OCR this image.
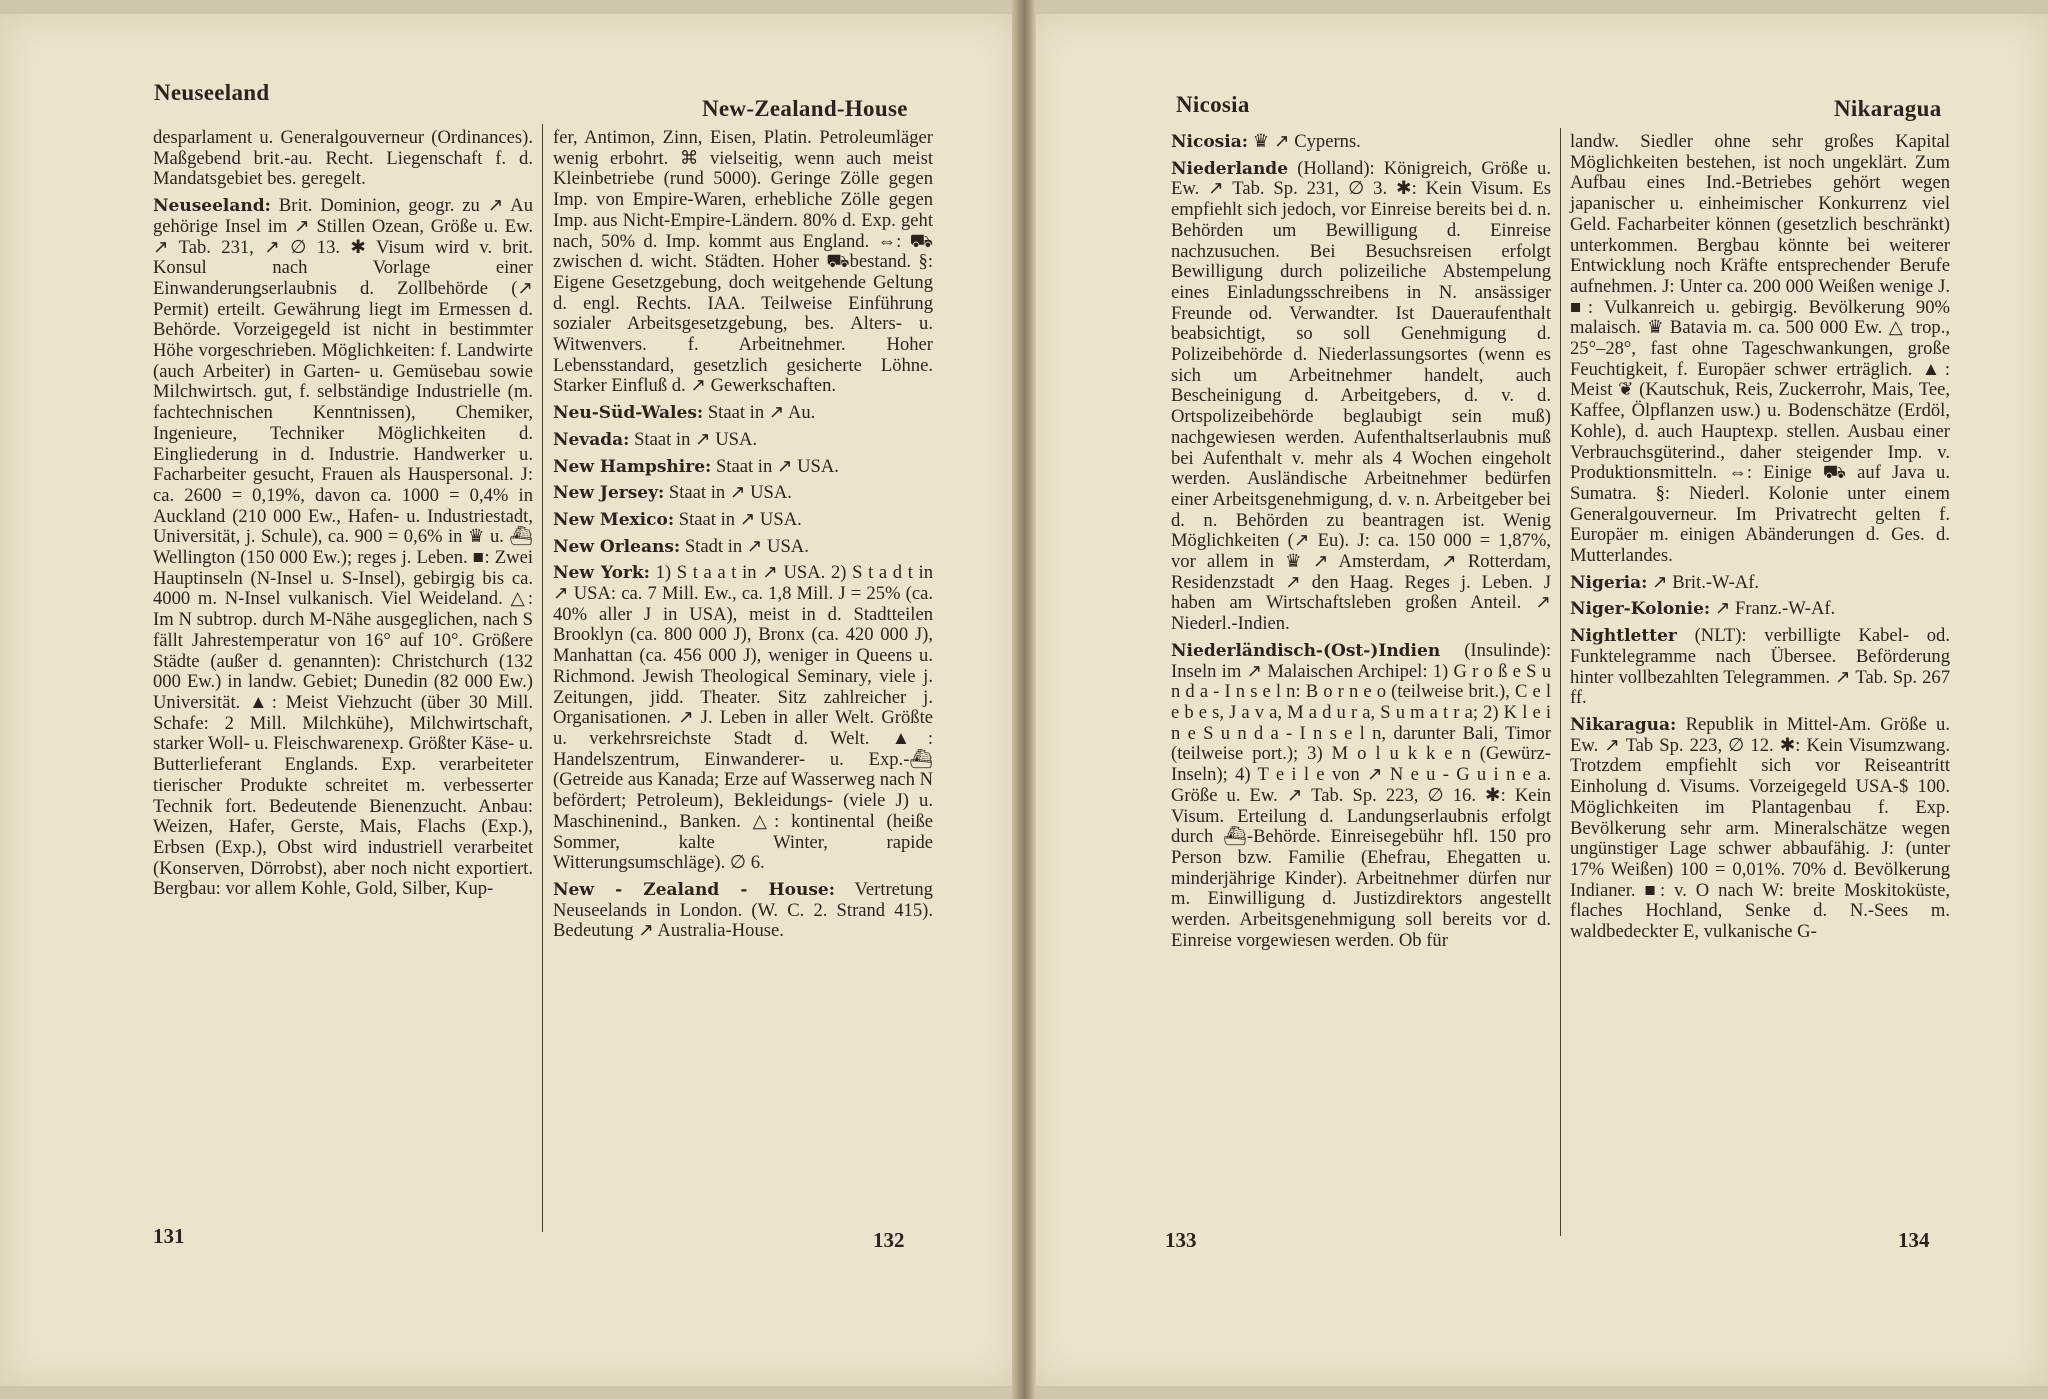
Neuseeland
New-Zealand-House

desparlament u. Generalgouverneur (Ordinances). Maßgebend brit.-au. Recht. Liegenschaft f. d. Mandatsgebiet bes. geregelt.

Neuseeland: Brit. Dominion, geogr. zu ↗ Au gehörige Insel im ↗ Stillen Ozean, Größe u. Ew. ↗ Tab. 231, ↗ ∅ 13. ✱ Visum wird v. brit. Konsul nach Vorlage einer Einwanderungserlaubnis d. Zollbehörde (↗ Permit) erteilt. Gewährung liegt im Ermessen d. Behörde. Vorzeigegeld ist nicht in bestimmter Höhe vorgeschrieben. Möglichkeiten: f. Landwirte (auch Arbeiter) in Garten- u. Gemüsebau sowie Milchwirtsch. gut, f. selbständige Industrielle (m. fachtechnischen Kenntnissen), Chemiker, Ingenieure, Techniker Möglichkeiten d. Eingliederung in d. Industrie. Handwerker u. Facharbeiter gesucht, Frauen als Hauspersonal. J: ca. 2600 = 0,19%, davon ca. 1000 = 0,4% in Auckland (210 000 Ew., Hafen- u. Industriestadt, Universität, j. Schule), ca. 900 = 0,6% in ♛ u. ⛴ Wellington (150 000 Ew.); reges j. Leben. ■: Zwei Hauptinseln (N-Insel u. S-Insel), gebirgig bis ca. 4000 m. N-Insel vulkanisch. Viel Weideland. △: Im N subtrop. durch M-Nähe ausgeglichen, nach S fällt Jahrestemperatur von 16° auf 10°. Größere Städte (außer d. genannten): Christchurch (132 000 Ew.) in landw. Gebiet; Dunedin (82 000 Ew.) Universität. ▲: Meist Viehzucht (über 30 Mill. Schafe: 2 Mill. Milchkühe), Milchwirtschaft, starker Woll- u. Fleischwarenexp. Größter Käse- u. Butterlieferant Englands. Exp. verarbeiteter tierischer Produkte schreitet m. verbesserter Technik fort. Bedeutende Bienenzucht. Anbau: Weizen, Hafer, Gerste, Mais, Flachs (Exp.), Erbsen (Exp.), Obst wird industriell verarbeitet (Konserven, Dörrobst), aber noch nicht exportiert. Bergbau: vor allem Kohle, Gold, Silber, Kup-

fer, Antimon, Zinn, Eisen, Platin. Petroleumläger wenig erbohrt. ⌘ vielseitig, wenn auch meist Kleinbetriebe (rund 5000). Geringe Zölle gegen Imp. von Empire-Waren, erhebliche Zölle gegen Imp. aus Nicht-Empire-Ländern. 80% d. Exp. geht nach, 50% d. Imp. kommt aus England. ⇔: ⛟ zwischen d. wicht. Städten. Hoher ⛟bestand. §: Eigene Gesetzgebung, doch weitgehende Geltung d. engl. Rechts. IAA. Teilweise Einführung sozialer Arbeitsgesetzgebung, bes. Alters- u. Witwenvers. f. Arbeitnehmer. Hoher Lebensstandard, gesetzlich gesicherte Löhne. Starker Einfluß d. ↗ Gewerkschaften.

Neu-Süd-Wales: Staat in ↗ Au.

Nevada: Staat in ↗ USA.

New Hampshire: Staat in ↗ USA.

New Jersey: Staat in ↗ USA.

New Mexico: Staat in ↗ USA.

New Orleans: Stadt in ↗ USA.

New York: 1) S t a a t in ↗ USA. 2) S t a d t in ↗ USA: ca. 7 Mill. Ew., ca. 1,8 Mill. J = 25% (ca. 40% aller J in USA), meist in d. Stadtteilen Brooklyn (ca. 800 000 J), Bronx (ca. 420 000 J), Manhattan (ca. 456 000 J), weniger in Queens u. Richmond. Jewish Theological Seminary, viele j. Zeitungen, jidd. Theater. Sitz zahlreicher j. Organisationen. ↗ J. Leben in aller Welt. Größte u. verkehrsreichste Stadt d. Welt. ▲: Handelszentrum, Einwanderer- u. Exp.-⛴ (Getreide aus Kanada; Erze auf Wasserweg nach N befördert; Petroleum), Bekleidungs- (viele J) u. Maschinenind., Banken. △: kontinental (heiße Sommer, kalte Winter, rapide Witterungsumschläge). ∅ 6.

New - Zealand - House: Vertretung Neuseelands in London. (W. C. 2. Strand 415). Bedeutung ↗ Australia-House.

131	132
Nicosia	Nikaragua

Nicosia: ♛ ↗ Cyperns.

Niederlande (Holland): Königreich, Größe u. Ew. ↗ Tab. Sp. 231, ∅ 3. ✱: Kein Visum. Es empfiehlt sich jedoch, vor Einreise bereits bei d. n. Behörden um Bewilligung d. Einreise nachzusuchen. Bei Besuchsreisen erfolgt Bewilligung durch polizeiliche Abstempelung eines Einladungsschreibens in N. ansässiger Freunde od. Verwandter. Ist Daueraufenthalt beabsichtigt, so soll Genehmigung d. Polizeibehörde d. Niederlassungsortes (wenn es sich um Arbeitnehmer handelt, auch Bescheinigung d. Arbeitgebers, d. v. d. Ortspolizeibehörde beglaubigt sein muß) nachgewiesen werden. Aufenthaltserlaubnis muß bei Aufenthalt v. mehr als 4 Wochen eingeholt werden. Ausländische Arbeitnehmer bedürfen einer Arbeitsgenehmigung, d. v. n. Arbeitgeber bei d. n. Behörden zu beantragen ist. Wenig Möglichkeiten (↗ Eu). J: ca. 150 000 = 1,87%, vor allem in ♛ ↗ Amsterdam, ↗ Rotterdam, Residenzstadt ↗ den Haag. Reges j. Leben. J haben am Wirtschaftsleben großen Anteil. ↗ Niederl.-Indien.

Niederländisch-(Ost-)Indien (Insulinde): Inseln im ↗ Malaischen Archipel: 1) G r o ß e S u n d a - I n s e l n: B o r n e o (teilweise brit.), C e l e b e s, J a v a, M a d u r a, S u m a t r a; 2) K l e i n e S u n d a - I n s e l n, darunter Bali, Timor (teilweise port.); 3) M o l u k k e n (Gewürz-Inseln); 4) T e i l e von ↗ N e u - G u i n e a. Größe u. Ew. ↗ Tab. Sp. 223, ∅ 16. ✱: Kein Visum. Erteilung d. Landungserlaubnis erfolgt durch ⛴-Behörde. Einreisegebühr hfl. 150 pro Person bzw. Familie (Ehefrau, Ehegatten u. minderjährige Kinder). Arbeitnehmer dürfen nur m. Einwilligung d. Justizdirektors angestellt werden. Arbeitsgenehmigung soll bereits vor d. Einreise vorgewiesen werden. Ob für

landw. Siedler ohne sehr großes Kapital Möglichkeiten bestehen, ist noch ungeklärt. Zum Aufbau eines Ind.-Betriebes gehört wegen japanischer u. einheimischer Konkurrenz viel Geld. Facharbeiter können (gesetzlich beschränkt) unterkommen. Bergbau könnte bei weiterer Entwicklung noch Kräfte entsprechender Berufe aufnehmen. J: Unter ca. 200 000 Weißen wenige J. ■: Vulkanreich u. gebirgig. Bevölkerung 90% malaisch. ♛ Batavia m. ca. 500 000 Ew. △ trop., 25°–28°, fast ohne Tageschwankungen, große Feuchtigkeit, f. Europäer schwer erträglich. ▲: Meist ❦ (Kautschuk, Reis, Zuckerrohr, Mais, Tee, Kaffee, Ölpflanzen usw.) u. Bodenschätze (Erdöl, Kohle), d. auch Hauptexp. stellen. Ausbau einer Verbrauchsgüterind., daher steigender Imp. v. Produktionsmitteln. ⇔: Einige ⛟ auf Java u. Sumatra. §: Niederl. Kolonie unter einem Generalgouverneur. Im Privatrecht gelten f. Europäer m. einigen Abänderungen d. Ges. d. Mutterlandes.

Nigeria: ↗ Brit.-W-Af.

Niger-Kolonie: ↗ Franz.-W-Af.

Nightletter (NLT): verbilligte Kabel- od. Funktelegramme nach Übersee. Beförderung hinter vollbezahlten Telegrammen. ↗ Tab. Sp. 267 ff.

Nikaragua: Republik in Mittel-Am. Größe u. Ew. ↗ Tab Sp. 223, ∅ 12. ✱: Kein Visumzwang. Trotzdem empfiehlt sich vor Reiseantritt Einholung d. Visums. Vorzeigegeld USA-$ 100. Möglichkeiten im Plantagenbau f. Exp. Bevölkerung sehr arm. Mineralschätze wegen ungünstiger Lage schwer abbaufähig. J: (unter 17% Weißen) 100 = 0,01%. 70% d. Bevölkerung Indianer. ■: v. O nach W: breite Moskitoküste, flaches Hochland, Senke d. N.-Sees m. waldbedeckter E, vulkanische G-

133	134
